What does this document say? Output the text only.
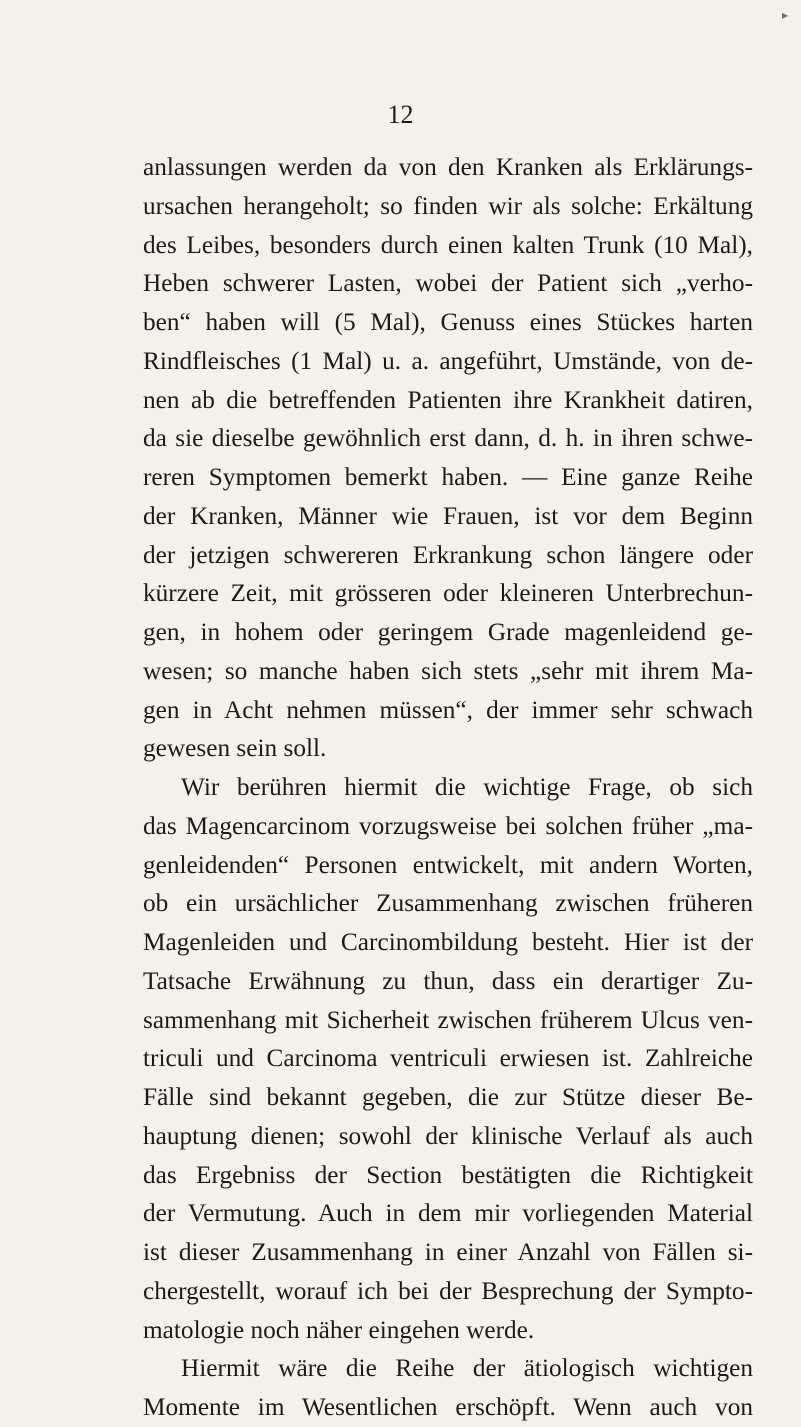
▸
12
anlassungen werden da von den Kranken als Erklärungs-
ursachen herangeholt; so finden wir als solche: Erkältung
des Leibes, besonders durch einen kalten Trunk (10 Mal),
Heben schwerer Lasten, wobei der Patient sich „verho-
ben“ haben will (5 Mal), Genuss eines Stückes harten
Rindfleisches (1 Mal) u. a. angeführt, Umstände, von de-
nen ab die betreffenden Patienten ihre Krankheit datiren,
da sie dieselbe gewöhnlich erst dann, d. h. in ihren schwe-
reren Symptomen bemerkt haben. — Eine ganze Reihe
der Kranken, Männer wie Frauen, ist vor dem Beginn
der jetzigen schwereren Erkrankung schon längere oder
kürzere Zeit, mit grösseren oder kleineren Unterbrechun-
gen, in hohem oder geringem Grade magenleidend ge-
wesen; so manche haben sich stets „sehr mit ihrem Ma-
gen in Acht nehmen müssen“, der immer sehr schwach
gewesen sein soll.
Wir berühren hiermit die wichtige Frage, ob sich
das Magencarcinom vorzugsweise bei solchen früher „ma-
genleidenden“ Personen entwickelt, mit andern Worten,
ob ein ursächlicher Zusammenhang zwischen früheren
Magenleiden und Carcinombildung besteht. Hier ist der
Tatsache Erwähnung zu thun, dass ein derartiger Zu-
sammenhang mit Sicherheit zwischen früherem Ulcus ven-
triculi und Carcinoma ventriculi erwiesen ist. Zahlreiche
Fälle sind bekannt gegeben, die zur Stütze dieser Be-
hauptung dienen; sowohl der klinische Verlauf als auch
das Ergebniss der Section bestätigten die Richtigkeit
der Vermutung. Auch in dem mir vorliegenden Material
ist dieser Zusammenhang in einer Anzahl von Fällen si-
chergestellt, worauf ich bei der Besprechung der Sympto-
matologie noch näher eingehen werde.
Hiermit wäre die Reihe der ätiologisch wichtigen
Momente im Wesentlichen erschöpft. Wenn auch von
